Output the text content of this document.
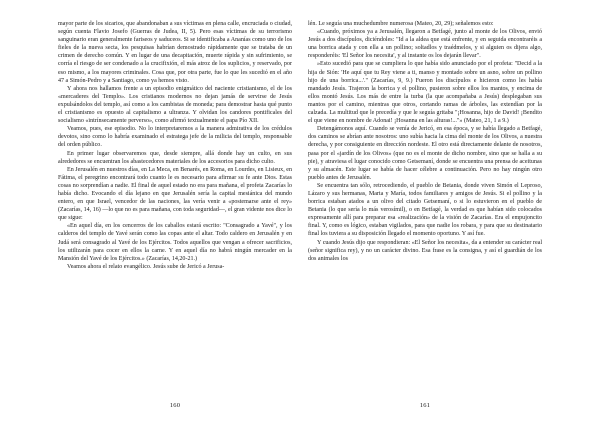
mayor parte de los sicarios, que abandonaban a sus víctimas en plena calle, encruciada o ciudad, según cuenta Flavio Josefo (Guerras de Judea, II, 5). Pero esas víctimas de su terrorismo sanguinario eran generalmente fariseos y saduceos. Si se identificaba a Ananías como uno de los fieles de la nueva secta, los pesquisas habrían demostrado rápidamente que se trataba de un crimen de derecho común. Y en lugar de una decapitación, muerte rápida y sin sufrimiento, se corría el riesgo de ser condenado a la crucifixión, el más atroz de los suplicios, y reservado, por eso mismo, a los mayores criminales. Cosa que, por otra parte, fue lo que les sucedió en el año 47 a Simón-Pedro y a Santiago, como ya hemos visto.

Y ahora nos hallamos frente a un episodio enigmático del naciente cristianismo, el de los «mercaderes del Templo». Los cristianos modernos no dejan jamás de servirse de Jesús expulsándolos del templo, así como a los cambistas de moneda; para demostrar hasta qué punto el cristianismo es opuesto al capitalismo a ultranza. Y olvidan los candores pontificales del socialismo «intrínsecamente perverso», como afirmó textualmente el papa Pío XII.

Veamos, pues, ese episodio. No lo interpretaremos a la manera admirativa de los crédulos devotos, sino como lo habría examinado el estratega jefe de la milicia del templo, responsable del orden público.

En primer lugar observaremos que, desde siempre, allá donde hay un culto, en sus alrededores se encuentran los abastecedores materiales de los accesorios para dicho culto.

En Jerusalén en nuestros días, en La Meca, en Benarés, en Roma, en Lourdes, en Lisieux, en Fátima, el peregrino encontrará todo cuanto le es necesario para afirmar su fe ante Dios. Estas cosas no sorprendían a nadie. El final de aquel estado no era para mañana, el profeta Zacarías lo había dicho. Evocando el día lejano en que Jerusalén sería la capital mesiánica del mundo entero, en que Israel, vencedor de las naciones, las vería venir a «postemarse ante el rey» (Zacarías, 14, 16) —lo que no es para mañana, con toda seguridad—, el gran vidente nos dice lo que sigue:

«En aquel día, en los cencerros de los caballos estará escrito: "Consagrado a Yavé", y los calderos del templo de Yavé serán como las copas ante el altar. Todo caldero en Jerusalén y en Judá será consagrado al Yavé de los Ejércitos. Todos aquellos que vengan a ofrecer sacrificios, los utilizarán para cocer en ellos la carne. Y en aquel día no habrá ningún mercader en la Mansión del Yavé de los Ejércitos.» (Zacarías, 14,20-21.)

Veamos ahora el relato evangélico. Jesús sube de Jericó a Jerusa-

160

lén. Le seguía una muchedumbre numerosa (Mateo, 20, 29); señalemos esto:

«Cuando, próximos ya a Jerusalén, llegaron a Betfagé, junto al monte de los Olivos, envió Jesús a dos discípulos, diciéndoles: "Id a la aldea que está enfrente, y en seguida encontraréis a una borrica atada y con ella a un pollino; soltadlos y traédmelos, y si alguien os dijera algo, responderéis: 'El Señor los necesita', y al instante os los dejarán llevar".

»Esto sucedió para que se cumpliera lo que había sido anunciado por el profeta: "Decid a la hija de Sión: 'He aquí que tu Rey viene a ti, manso y montado sobre un asno, sobre un pollino hijo de una borrica...'." (Zacarías, 9, 9.) Fueron los discípulos e hicieron como les había mandado Jesús. Trajeron la borrica y el pollino, pusieron sobre ellos los mantos, y encima de ellos montó Jesús. Los más de entre la turba (la que acompañaba a Jesús) desplegaban sus mantos por el camino, mientras que otros, cortando ramas de árboles, las extendían por la calzada. La multitud que le precedía y que le seguía gritaba "¡Hosanna, hijo de David! ¡Bendito el que viene en nombre de Adonai! ¡Hosanna en las alturas!..."» (Mateo, 21, 1 a 9.)

Detengámonos aquí. Cuando se venía de Jericó, en esa época, y se había llegado a Betfagé, dos caminos se abrían ante nosotros: uno subía hacia la cima del monte de los Olivos, a nuestra derecha, y por consiguiente en dirección nordeste. El otro está directamente delante de nosotros, pasa por el «jardín de los Olivos» (que no es el monte de dicho nombre, sino que se halla a su pie), y atraviesa el lugar conocido como Getsemaní, donde se encuentra una prensa de aceitunas y su almacén. Este lugar se había de hacer célebre a continuación. Pero no hay ningún otro pueblo antes de Jerusalén.

Se encuentra tan sólo, retrocediendo, el pueblo de Betania, donde viven Simón el Leproso, Lázaro y sus hermanas, Marta y María, todos familiares y amigos de Jesús. Si el pollino y la borrica estaban atados a un olivo del citado Getsemaní, o si lo estuvieron en el pueblo de Betania (lo que sería lo más verosímil), o en Betfagé, la verdad es que habían sido colocados expresamente allí para preparar esa «realización» de la visión de Zacarías. Era el empujoncito final. Y, como es lógico, estaban vigilados, para que nadie los robara, y para que su destinatario final los tuviera a su disposición llegado el momento oportuno. Y así fue.

Y cuando Jesús dijo que respondieran: «El Señor los necesita», da a entender su carácter real (señor significa rey), y no un carácter divino. Esa frase es la consigna, y así el guardián de los dos animales los

161
